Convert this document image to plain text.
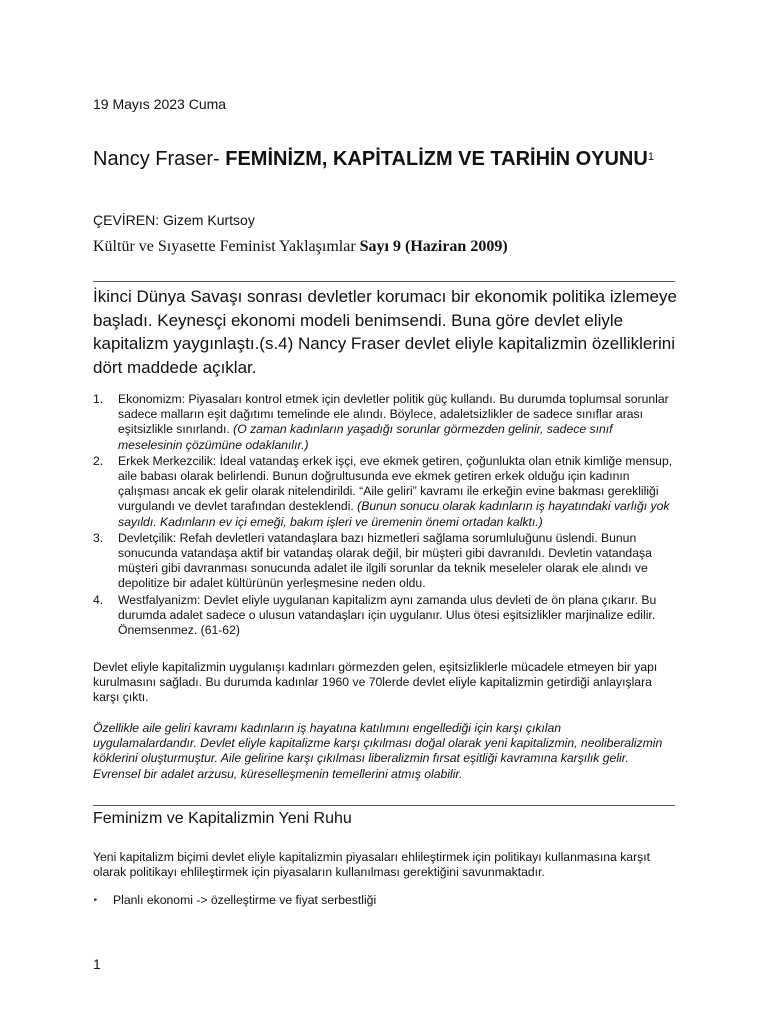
19 Mayıs 2023 Cuma
Nancy Fraser- FEMİNİZM, KAPİTALİZM VE TARİHİN OYUNU$^1$
ÇEVİREN: Gizem Kurtsoy
Kültür ve Sıyasette Feminist Yaklaşımlar Sayı 9 (Haziran 2009)
İkinci Dünya Savaşı sonrası devletler korumacı bir ekonomik politika izlemeye başladı. Keynesçi ekonomi modeli benimsendi. Buna göre devlet eliyle kapitalizm yaygınlaştı.(s.4) Nancy Fraser devlet eliyle kapitalizmin özelliklerini dört maddede açıklar.
1. Ekonomizm: Piyasaları kontrol etmek için devletler politik güç kullandı. Bu durumda toplumsal sorunlar sadece malların eşit dağıtımı temelinde ele alındı. Böylece, adaletsizlikler de sadece sınıflar arası eşitsizlikle sınırlandı. (O zaman kadınların yaşadığı sorunlar görmezden gelinir, sadece sınıf meselesinin çözümüne odaklanılır.)
2. Erkek Merkezcilik: İdeal vatandaş erkek işçi, eve ekmek getiren, çoğunlukta olan etnik kimliğe mensup, aile babası olarak belirlendi. Bunun doğrultusunda eve ekmek getiren erkek olduğu için kadının çalışması ancak ek gelir olarak nitelendirildi. “Aile geliri” kavramı ile erkeğin evine bakması gerekliliği vurgulandı ve devlet tarafından desteklendi. (Bunun sonucu olarak kadınların iş hayatındaki varlığı yok sayıldı. Kadınların ev içi emeği, bakım işleri ve üremenin önemi ortadan kalktı.)
3. Devletçilik: Refah devletleri vatandaşlara bazı hizmetleri sağlama sorumluluğunu üslendi. Bunun sonucunda vatandaşa aktif bir vatandaş olarak değil, bir müşteri gibi davranıldı. Devletin vatandaşa müşteri gibi davranması sonucunda adalet ile ilgili sorunlar da teknik meseleler olarak ele alındı ve depolitize bir adalet kültürünün yerleşmesine neden oldu.
4. Westfalyanizm: Devlet eliyle uygulanan kapitalizm aynı zamanda ulus devleti de ön plana çıkarır. Bu durumda adalet sadece o ulusun vatandaşları için uygulanır. Ulus ötesi eşitsizlikler marjinalize edilir. Önemsenmez. (61-62)
Devlet eliyle kapitalizmin uygulanışı kadınları görmezden gelen, eşitsizliklerle mücadele etmeyen bir yapı kurulmasını sağladı. Bu durumda kadınlar 1960 ve 70lerde devlet eliyle kapitalizmin getirdiği anlayışlara karşı çıktı.
Özellikle aile geliri kavramı kadınların iş hayatına katılımını engellediği için karşı çıkılan uygulamalardandır. Devlet eliyle kapitalizme karşı çıkılması doğal olarak yeni kapitalizmin, neoliberalizmin köklerini oluşturmuştur. Aile gelirine karşı çıkılması liberalizmin fırsat eşitliği kavramına karşılık gelir. Evrensel bir adalet arzusu, küreselleşmenin temellerini atmış olabilir.
Feminizm ve Kapitalizmin Yeni Ruhu
Yeni kapitalizm biçimi devlet eliyle kapitalizmin piyasaları ehlileştirmek için politikayı kullanmasına karşıt olarak politikayı ehlileştirmek için piyasaların kullanılması gerektiğini savunmaktadır.
‣ Planlı ekonomi -> özelleştirme ve fiyat serbestliği
1
